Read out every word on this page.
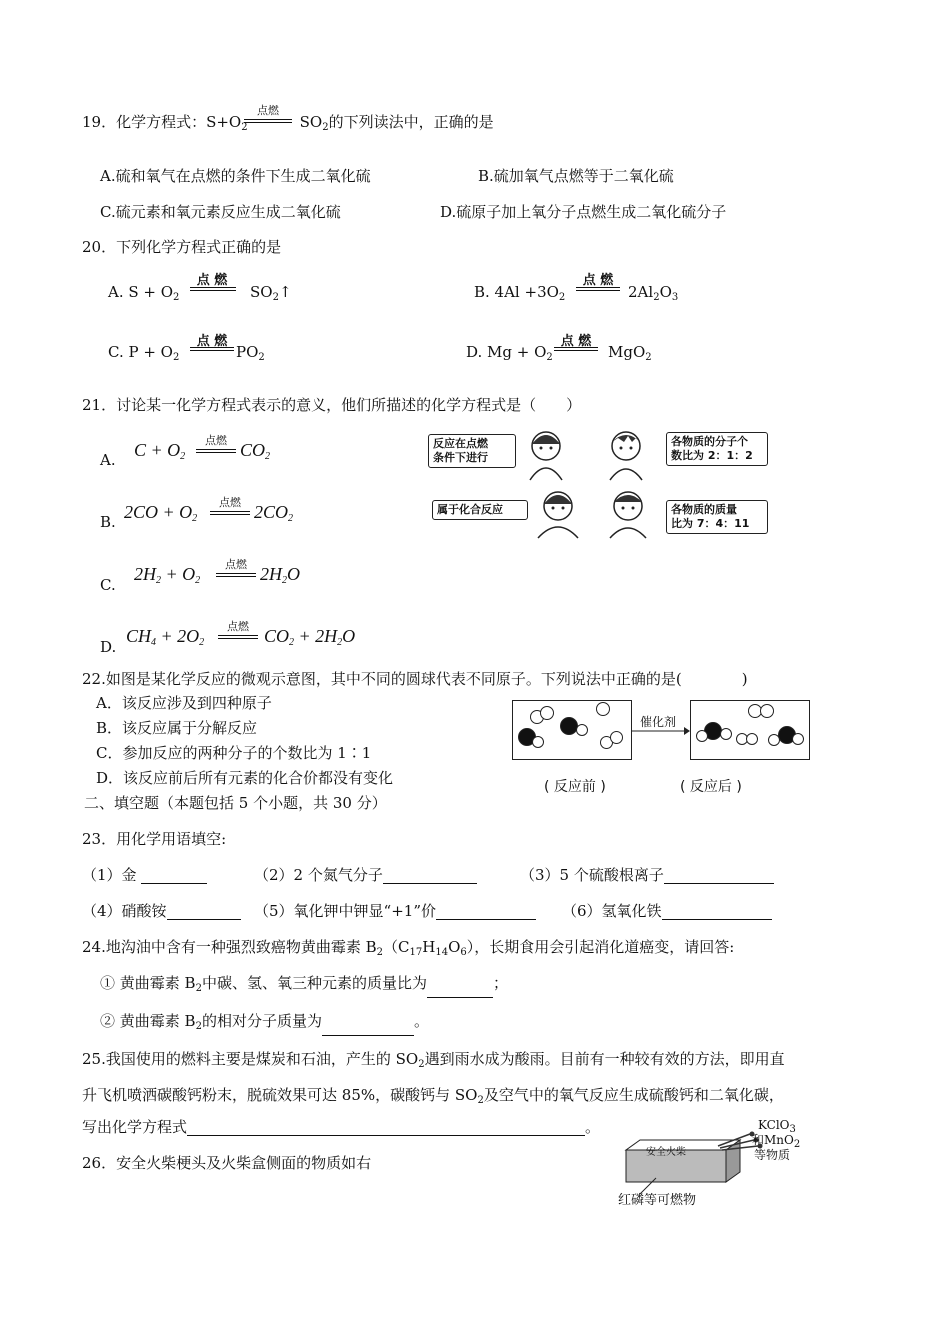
19．化学方程式：$S+O_2$	$SO_2$的下列读法中，正确的是
点燃
A.硫和氧气在点燃的条件下生成二氧化硫	B.硫加氧气点燃等于二氧化硫
C.硫元素和氧元素反应生成二氧化硫	D.硫原子加上氧分子点燃生成二氧化硫分子
20．下列化学方程式正确的是
A. $S + O_2$
点 燃
$SO_2↑$	B. $4Al +3O_2$
点 燃
$2Al_2O_3$
C. $P + O_2$
点 燃
$PO_2$	D. $Mg + O_2$
点 燃
MgO$_2$
21．讨论某一化学方程式表示的意义，他们所描述的化学方程式是（　　）
A. $C + O_2$
点燃 $CO_2$
B. $2CO + O_2$
点燃 $2CO_2$
C.
$2H_2 + O_2$
点燃 $2H_2O$
D.
$CH_4 + 2O_2$
点燃 $CO_2 + 2H_2O$
反应在点燃
条件下进行
各物质的分子个
数比为 2：1：2
属于化合反应	各物质的质量
比为 7：4：11
22.如图是某化学反应的微观示意图，其中不同的圆球代表不同原子。下列说法中正确的是(　　　　)
A．该反应涉及到四种原子
B．该反应属于分解反应
C．参加反应的两种分子的个数比为 1∶1
D．该反应前后所有元素的化合价都没有变化
催化剂
( 反应前 )	( 反应后 )
二、填空题（本题包括 5 个小题，共 30 分）
23．用化学用语填空:
（1）金	（2）2 个氮气分子	（3）5 个硫酸根离子
（4）硝酸铵	（5）氧化钾中钾显“+1”价	（6）氢氧化铁
24.地沟油中含有一种强烈致癌物黄曲霉素 $B_2(C_{17}H_{14}O_6)$，长期食用会引起消化道癌变，请回答:
① 黄曲霉素 $B_2$中碳、氢、氧三种元素的质量比为	；
② 黄曲霉素 $B_2$的相对分子质量为	。
25.我国使用的燃料主要是煤炭和石油，产生的 $SO_2$遇到雨水成为酸雨。目前有一种较有效的方法，即用直
升飞机喷洒碳酸钙粉末，脱硫效果可达 85%，碳酸钙与 $SO_2$及空气中的氧气反应生成硫酸钙和二氧化碳，
写出化学方程式	。
26．安全火柴梗头及火柴盒侧面的物质如右
安全火柴
KClO$_3$
和MnO$_2$
等物质
红磷等可燃物
